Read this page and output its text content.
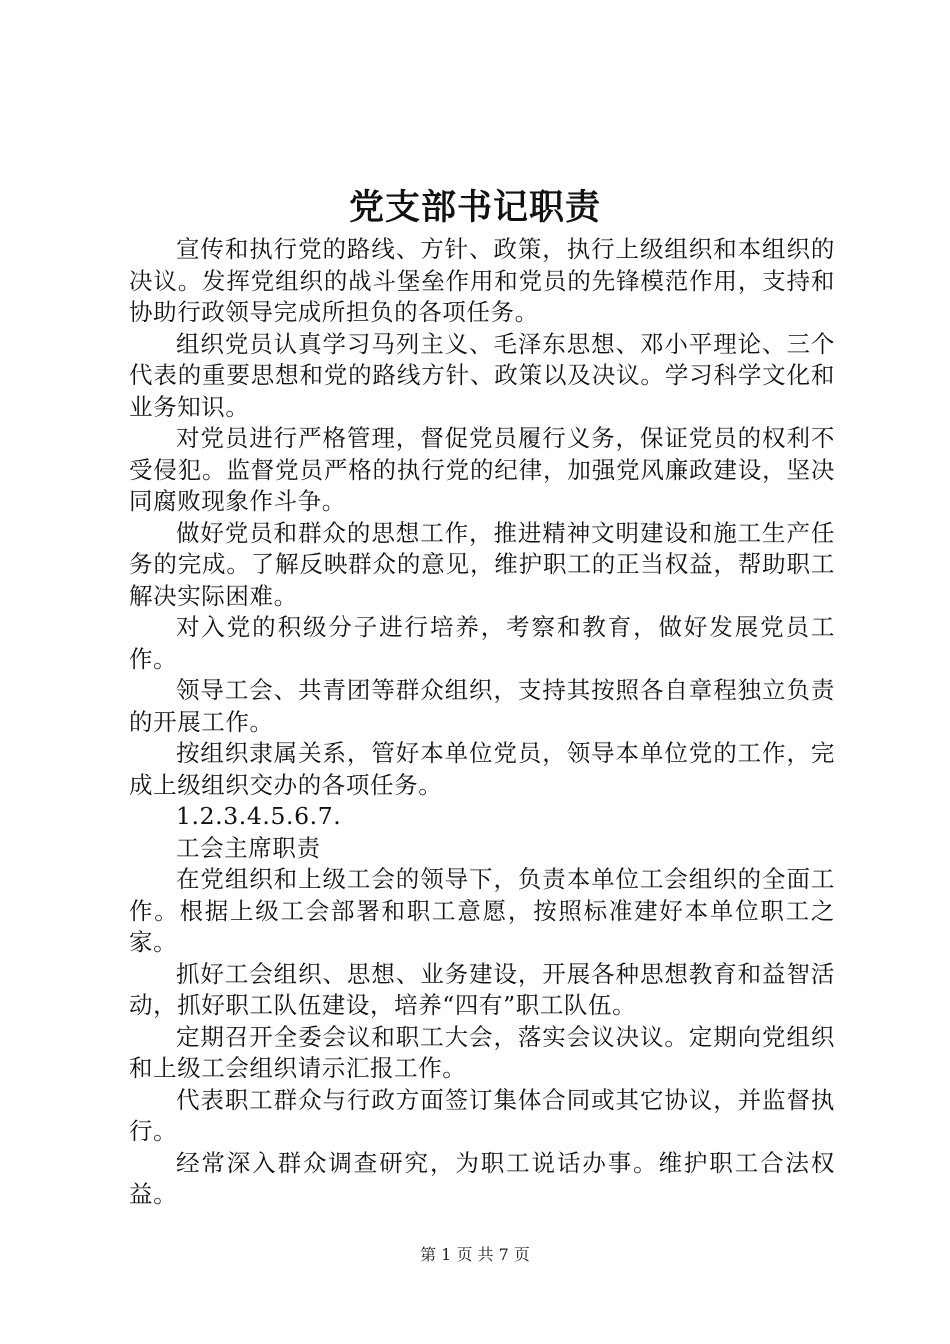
党支部书记职责

宣传和执行党的路线、方针、政策，执行上级组织和本组织的决议。发挥党组织的战斗堡垒作用和党员的先锋模范作用，支持和协助行政领导完成所担负的各项任务。

组织党员认真学习马列主义、毛泽东思想、邓小平理论、三个代表的重要思想和党的路线方针、政策以及决议。学习科学文化和业务知识。

对党员进行严格管理，督促党员履行义务，保证党员的权利不受侵犯。监督党员严格的执行党的纪律，加强党风廉政建设，坚决同腐败现象作斗争。

做好党员和群众的思想工作，推进精神文明建设和施工生产任务的完成。了解反映群众的意见，维护职工的正当权益，帮助职工解决实际困难。

对入党的积级分子进行培养，考察和教育，做好发展党员工作。

领导工会、共青团等群众组织，支持其按照各自章程独立负责的开展工作。

按组织隶属关系，管好本单位党员，领导本单位党的工作，完成上级组织交办的各项任务。

1.2.3.4.5.6.7.

工会主席职责

在党组织和上级工会的领导下，负责本单位工会组织的全面工作。根据上级工会部署和职工意愿，按照标准建好本单位职工之家。

抓好工会组织、思想、业务建设，开展各种思想教育和益智活动，抓好职工队伍建设，培养“四有”职工队伍。

定期召开全委会议和职工大会，落实会议决议。定期向党组织和上级工会组织请示汇报工作。

代表职工群众与行政方面签订集体合同或其它协议，并监督执行。

经常深入群众调查研究，为职工说话办事。维护职工合法权益。

第 1 页 共 7 页
